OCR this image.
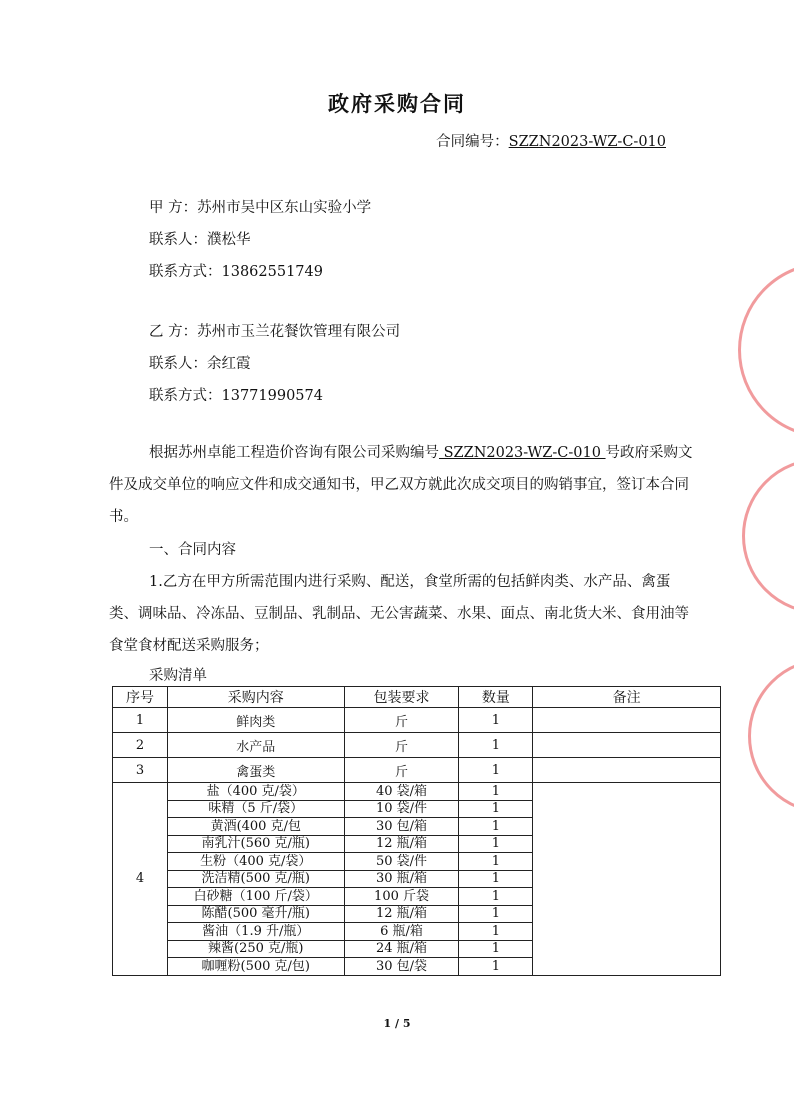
政府采购合同
合同编号：SZZN2023-WZ-C-010
甲 方：苏州市吴中区东山实验小学
联系人：濮松华
联系方式：13862551749
乙 方：苏州市玉兰花餐饮管理有限公司
联系人：余红霞
联系方式：13771990574
根据苏州卓能工程造价咨询有限公司采购编号 SZZN2023-WZ-C-010 号政府采购文件及成交单位的响应文件和成交通知书，甲乙双方就此次成交项目的购销事宜，签订本合同书。
一、合同内容
1.乙方在甲方所需范围内进行采购、配送，食堂所需的包括鲜肉类、水产品、禽蛋类、调味品、冷冻品、豆制品、乳制品、无公害蔬菜、水果、面点、南北货大米、食用油等食堂食材配送采购服务；
采购清单
序号	采购内容	包装要求	数量	备注
1	鲜肉类	斤	1	
2	水产品	斤	1	
3	禽蛋类	斤	1	
4	盐（400 克/袋）	40 袋/箱	1	
	味精（5 斤/袋）	10 袋/件	1	
	黄酒(400 克/包	30 包/箱	1	
	南乳汁(560 克/瓶)	12 瓶/箱	1	
	生粉（400 克/袋）	50 袋/件	1	
	洗洁精(500 克/瓶)	30 瓶/箱	1	
	白砂糖（100 斤/袋）	100 斤袋	1	
	陈醋(500 毫升/瓶)	12 瓶/箱	1	
	酱油（1.9 升/瓶）	6 瓶/箱	1	
	辣酱(250 克/瓶)	24 瓶/箱	1	
	咖喱粉(500 克/包)	30 包/袋	1	
1 / 5
